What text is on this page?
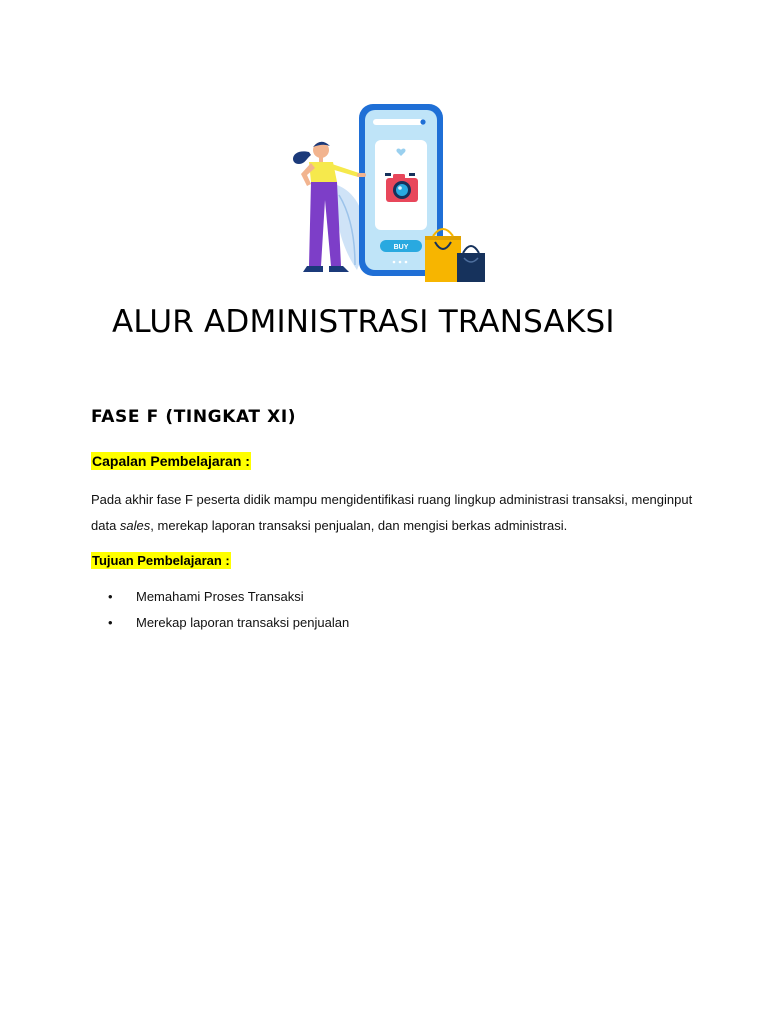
BUY
ALUR ADMINISTRASI TRANSAKSI
FASE F (TINGKAT XI)
Capalan Pembelajaran :

Pada akhir fase F peserta didik mampu mengidentifikasi ruang lingkup administrasi transaksi, menginput
data sales, merekap laporan transaksi penjualan, dan mengisi berkas administrasi.

Tujuan Pembelajaran :
• Memahami Proses Transaksi
• Merekap laporan transaksi penjualan
